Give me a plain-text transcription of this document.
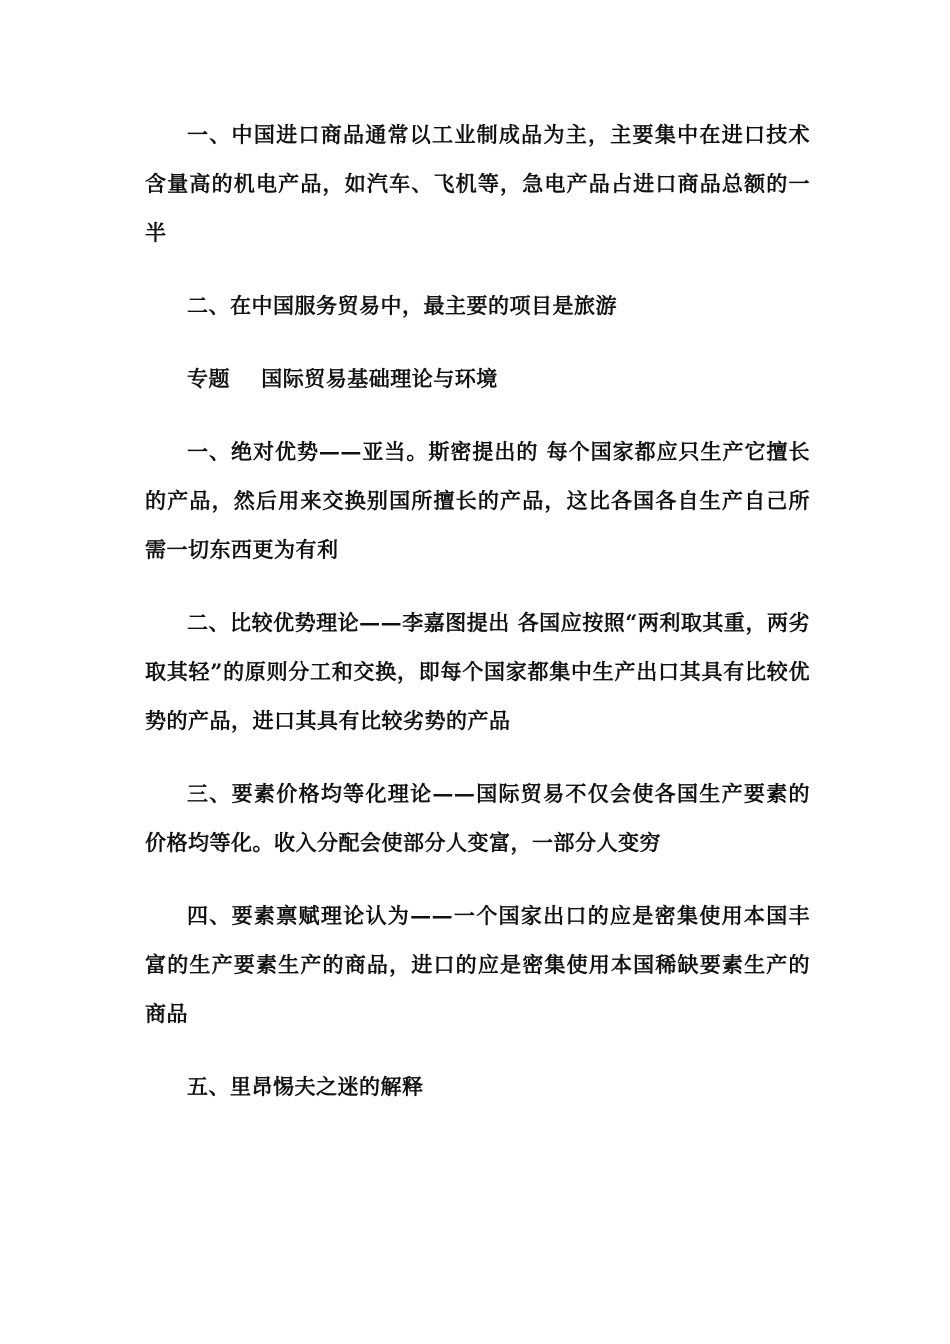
一、中国进口商品通常以工业制成品为主，主要集中在进口技术含量高的机电产品，如汽车、飞机等，急电产品占进口商品总额的一半

二、在中国服务贸易中，最主要的项目是旅游

专题    国际贸易基础理论与环境

一、绝对优势——亚当。斯密提出的 每个国家都应只生产它擅长的产品，然后用来交换别国所擅长的产品，这比各国各自生产自己所需一切东西更为有利

二、比较优势理论——李嘉图提出 各国应按照“两利取其重，两劣取其轻”的原则分工和交换，即每个国家都集中生产出口其具有比较优势的产品，进口其具有比较劣势的产品

三、要素价格均等化理论——国际贸易不仅会使各国生产要素的价格均等化。收入分配会使部分人变富，一部分人变穷

四、要素禀赋理论认为——一个国家出口的应是密集使用本国丰富的生产要素生产的商品，进口的应是密集使用本国稀缺要素生产的商品

五、里昂惕夫之迷的解释
